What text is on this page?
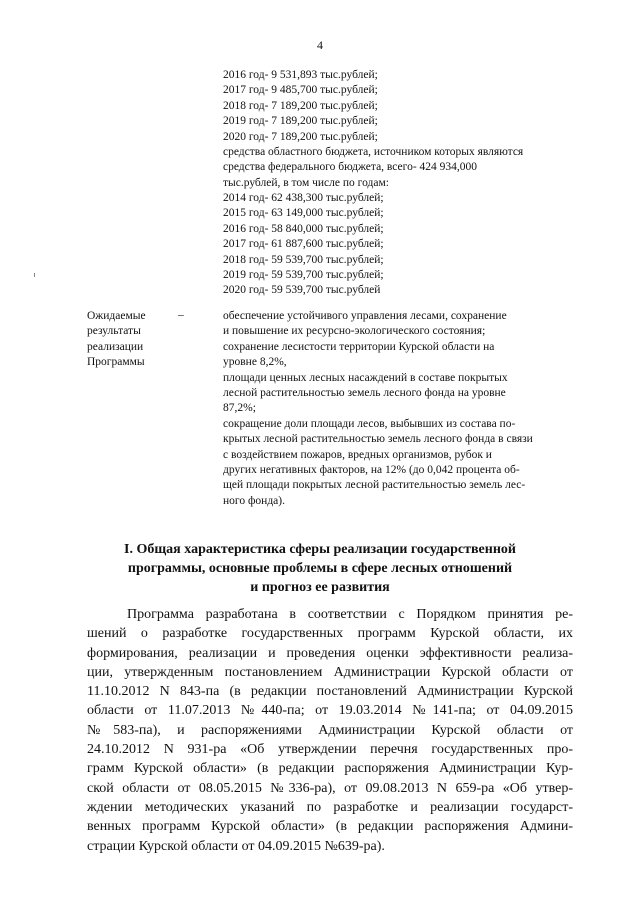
4
2016 год- 9 531,893 тыс.рублей;
2017 год- 9 485,700 тыс.рублей;
2018 год- 7 189,200 тыс.рублей;
2019 год- 7 189,200 тыс.рублей;
2020 год- 7 189,200 тыс.рублей;
средства областного бюджета, источником которых являются
средства федерального бюджета, всего- 424 934,000
тыс.рублей, в том числе по годам:
2014 год- 62 438,300 тыс.рублей;
2015 год- 63 149,000 тыс.рублей;
2016 год- 58 840,000 тыс.рублей;
2017 год- 61 887,600 тыс.рублей;
2018 год- 59 539,700 тыс.рублей;
2019 год- 59 539,700 тыс.рублей;
2020 год- 59 539,700 тыс.рублей
Ожидаемые
результаты
реализации
Программы
–	обеспечение устойчивого управления лесами, сохранение
и повышение их ресурсно-экологического состояния;
сохранение лесистости территории Курской области на
уровне 8,2%,
площади ценных лесных насаждений в составе покрытых
лесной растительностью земель лесного фонда на уровне
87,2%;
сокращение доли площади лесов, выбывших из состава по-
крытых лесной растительностью земель лесного фонда в связи
с воздействием пожаров, вредных организмов, рубок и
других негативных факторов, на 12% (до 0,042 процента об-
щей площади покрытых лесной растительностью земель лес-
ного фонда).
I. Общая характеристика сферы реализации государственной
программы, основные проблемы в сфере лесных отношений
и прогноз ее развития
Программа разработана в соответствии с Порядком принятия ре-
шений о разработке государственных программ Курской области, их
формирования, реализации и проведения оценки эффективности реализа-
ции, утвержденным постановлением Администрации Курской области от
11.10.2012 N 843-па (в редакции постановлений Администрации Курской
области от 11.07.2013 №440-па; от 19.03.2014 №141-па; от 04.09.2015
№583-па), и распоряжениями Администрации Курской области от
24.10.2012 N 931-ра «Об утверждении перечня государственных про-
грамм Курской области» (в редакции распоряжения Администрации Кур-
ской области от 08.05.2015 №336-ра), от 09.08.2013 N 659-ра «Об утвер-
ждении методических указаний по разработке и реализации государст-
венных программ Курской области» (в редакции распоряжения Админи-
страции Курской области от 04.09.2015 №639-ра).
